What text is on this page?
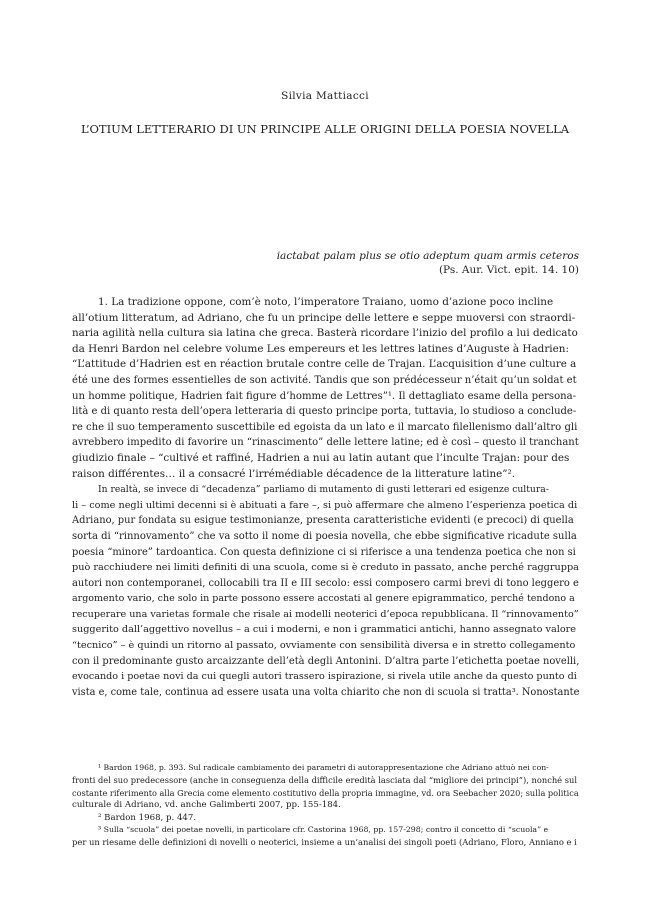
Silvia Mattiacci
L’OTIUM LETTERARIO DI UN PRINCIPE ALLE ORIGINI DELLA POESIA NOVELLA
iactabat palam plus se otio adeptum quam armis ceteros
(Ps. Aur. Vict. epit. 14. 10)
1. La tradizione oppone, com’è noto, l’imperatore Traiano, uomo d’azione poco incline
all’otium litteratum, ad Adriano, che fu un principe delle lettere e seppe muoversi con straordi-
naria agilità nella cultura sia latina che greca. Basterà ricordare l’inizio del profilo a lui dedicato
da Henri Bardon nel celebre volume Les empereurs et les lettres latines d’Auguste à Hadrien:
“L’attitude d’Hadrien est en réaction brutale contre celle de Trajan. L’acquisition d’une culture a
été une des formes essentielles de son activité. Tandis que son prédécesseur n’était qu’un soldat et
un homme politique, Hadrien fait figure d’homme de Lettres”¹. Il dettagliato esame della persona-
lità e di quanto resta dell’opera letteraria di questo principe porta, tuttavia, lo studioso a conclude-
re che il suo temperamento suscettibile ed egoista da un lato e il marcato filellenismo dall’altro gli
avrebbero impedito di favorire un “rinascimento” delle lettere latine; ed è così – questo il tranchant
giudizio finale – “cultivé et raffiné, Hadrien a nui au latin autant que l’inculte Trajan: pour des
raison différentes… il a consacré l’irrémédiable décadence de la litterature latine”².
In realtà, se invece di “decadenza” parliamo di mutamento di gusti letterari ed esigenze cultura-
li – come negli ultimi decenni si è abituati a fare –, si può affermare che almeno l’esperienza poetica di
Adriano, pur fondata su esigue testimonianze, presenta caratteristiche evidenti (e precoci) di quella
sorta di “rinnovamento” che va sotto il nome di poesia novella, che ebbe significative ricadute sulla
poesia “minore” tardoantica. Con questa definizione ci si riferisce a una tendenza poetica che non si
può racchiudere nei limiti definiti di una scuola, come si è creduto in passato, anche perché raggruppa
autori non contemporanei, collocabili tra II e III secolo: essi composero carmi brevi di tono leggero e
argomento vario, che solo in parte possono essere accostati al genere epigrammatico, perché tendono a
recuperare una varietas formale che risale ai modelli neoterici d’epoca repubblicana. Il “rinnovamento”
suggerito dall’aggettivo novellus – a cui i moderni, e non i grammatici antichi, hanno assegnato valore
“tecnico” – è quindi un ritorno al passato, ovviamente con sensibilità diversa e in stretto collegamento
con il predominante gusto arcaizzante dell’età degli Antonini. D’altra parte l’etichetta poetae novelli,
evocando i poetae novi da cui quegli autori trassero ispirazione, si rivela utile anche da questo punto di
vista e, come tale, continua ad essere usata una volta chiarito che non di scuola si tratta³. Nonostante
¹ Bardon 1968, p. 393. Sul radicale cambiamento dei parametri di autorappresentazione che Adriano attuò nei con-
fronti del suo predecessore (anche in conseguenza della difficile eredità lasciata dal “migliore dei principi”), nonché sul
costante riferimento alla Grecia come elemento costitutivo della propria immagine, vd. ora Seebacher 2020; sulla politica
culturale di Adriano, vd. anche Galimberti 2007, pp. 155-184.
² Bardon 1968, p. 447.
³ Sulla “scuola” dei poetae novelli, in particolare cfr. Castorina 1968, pp. 157-298; contro il concetto di “scuola” e
per un riesame delle definizioni di novelli o neoterici, insieme a un’analisi dei singoli poeti (Adriano, Floro, Anniano e i
